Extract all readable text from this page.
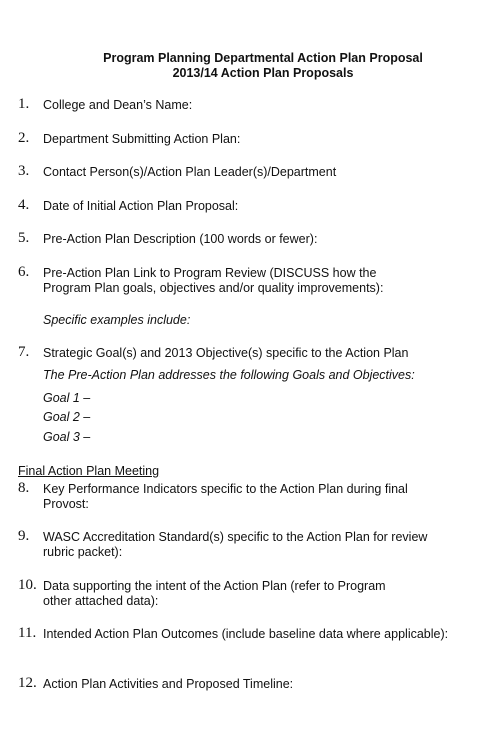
Program Planning Departmental Action Plan Proposal
2013/14 Action Plan Proposals
1. College and Dean’s Name:
2. Department Submitting Action Plan:
3. Contact Person(s)/Action Plan Leader(s)/Department
4. Date of Initial Action Plan Proposal:
5. Pre-Action Plan Description (100 words or fewer):
6. Pre-Action Plan Link to Program Review (DISCUSS how the
Program Plan goals, objectives and/or quality improvements):
Specific examples include:
7. Strategic Goal(s) and 2013 Objective(s) specific to the Action Plan
The Pre-Action Plan addresses the following Goals and Objectives:
Goal 1 –
Goal 2 –
Goal 3 –
Final Action Plan Meeting
8. Key Performance Indicators specific to the Action Plan during final
Provost:
9. WASC Accreditation Standard(s) specific to the Action Plan for review
rubric packet):
10. Data supporting the intent of the Action Plan (refer to Program
other attached data):
11. Intended Action Plan Outcomes (include baseline data where applicable):
12. Action Plan Activities and Proposed Timeline:
